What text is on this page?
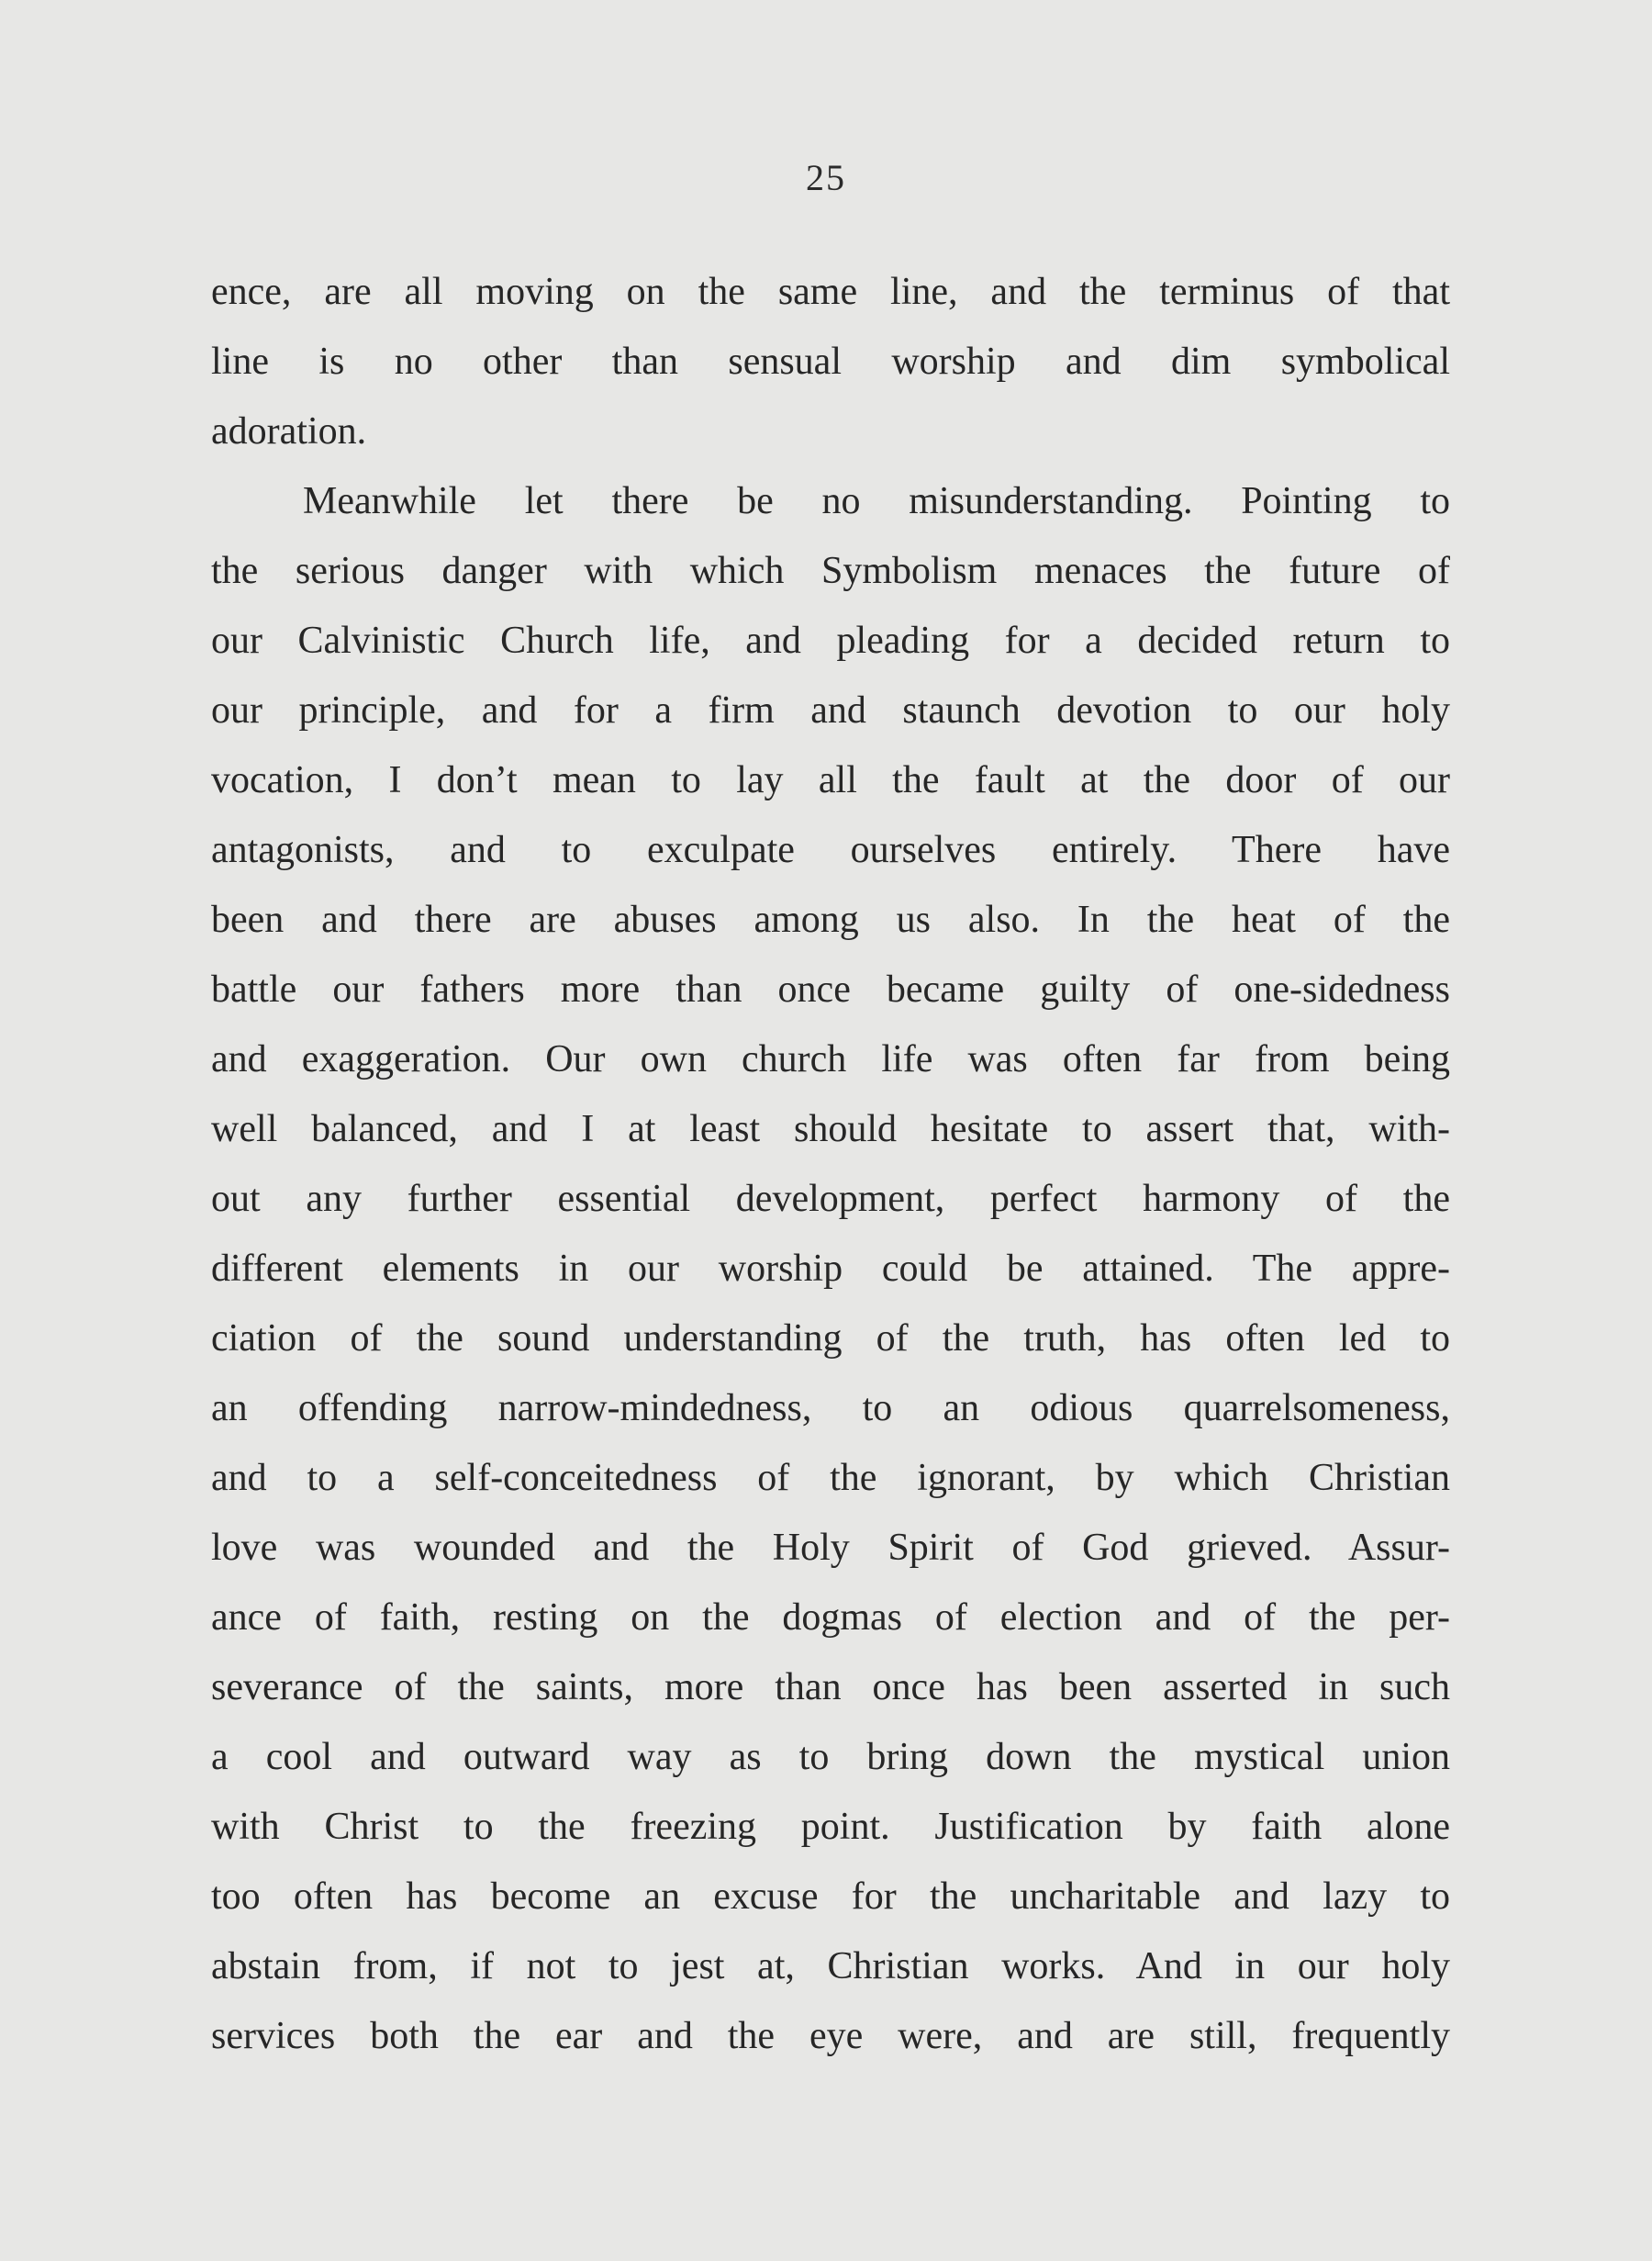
25
ence, are all moving on the same line, and the terminus of that
line is no other than sensual worship and dim symbolical
adoration.
Meanwhile let there be no misunderstanding. Pointing to
the serious danger with which Symbolism menaces the future of
our Calvinistic Church life, and pleading for a decided return to
our principle, and for a firm and staunch devotion to our holy
vocation, I don’t mean to lay all the fault at the door of our
antagonists, and to exculpate ourselves entirely. There have
been and there are abuses among us also. In the heat of the
battle our fathers more than once became guilty of one-sidedness
and exaggeration. Our own church life was often far from being
well balanced, and I at least should hesitate to assert that, with-
out any further essential development, perfect harmony of the
different elements in our worship could be attained. The appre-
ciation of the sound understanding of the truth, has often led to
an offending narrow-mindedness, to an odious quarrelsomeness,
and to a self-conceitedness of the ignorant, by which Christian
love was wounded and the Holy Spirit of God grieved. Assur-
ance of faith, resting on the dogmas of election and of the per-
severance of the saints, more than once has been asserted in such
a cool and outward way as to bring down the mystical union
with Christ to the freezing point. Justification by faith alone
too often has become an excuse for the uncharitable and lazy to
abstain from, if not to jest at, Christian works. And in our holy
services both the ear and the eye were, and are still, frequently
